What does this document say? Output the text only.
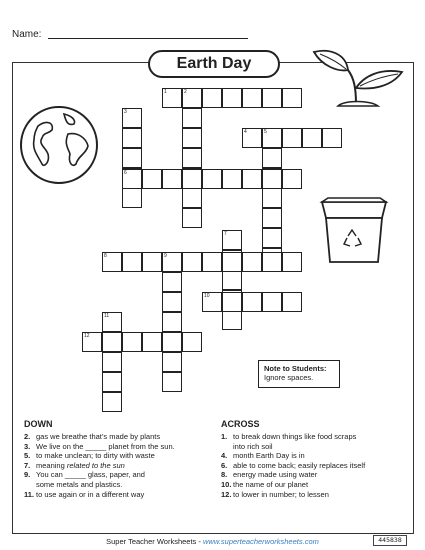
Name:
Earth Day
1	2
3
4	5
6
7
8	9
10
11
12
Note to Students:
Ignore spaces.
DOWN
2. gas we breathe that’s made by plants
3. We live on the _____ planet from the sun.
5. to make unclean; to dirty with waste
7. meaning related to the sun
9. You can _____ glass, paper, and
some metals and plastics.
11. to use again or in a different way
ACROSS
1. to break down things like food scraps
into rich soil
4. month Earth Day is in
6. able to come back; easily replaces itself
8. energy made using water
10. the name of our planet
12. to lower in number; to lessen
Super Teacher Worksheets - www.superteacherworksheets.com	445838
